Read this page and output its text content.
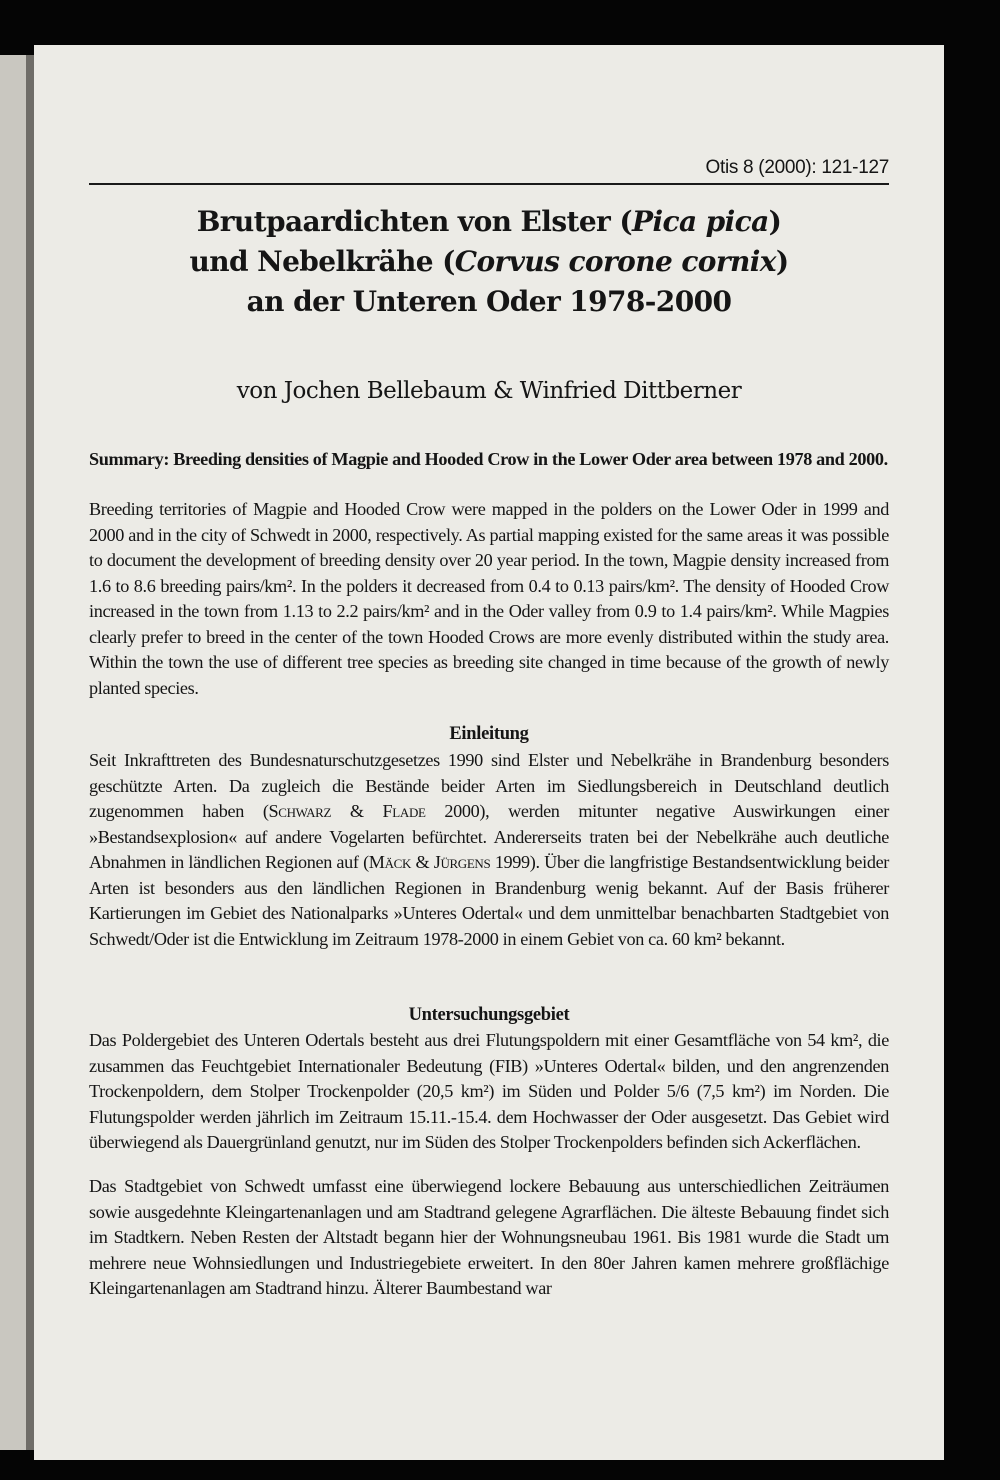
Otis 8 (2000): 121-127
Brutpaardichten von Elster (Pica pica)
und Nebelkrähe (Corvus corone cornix)
an der Unteren Oder 1978-2000
von Jochen Bellebaum & Winfried Dittberner
Summary: Breeding densities of Magpie and Hooded Crow in the Lower Oder area between 1978 and 2000.
Breeding territories of Magpie and Hooded Crow were mapped in the polders on the Lower Oder in 1999 and 2000 and in the city of Schwedt in 2000, respectively. As partial mapping existed for the same areas it was possible to document the development of breeding density over 20 year period. In the town, Magpie density increased from 1.6 to 8.6 breeding pairs/km². In the polders it decreased from 0.4 to 0.13 pairs/km². The density of Hooded Crow increased in the town from 1.13 to 2.2 pairs/km² and in the Oder valley from 0.9 to 1.4 pairs/km². While Magpies clearly prefer to breed in the center of the town Hooded Crows are more evenly distributed within the study area. Within the town the use of different tree species as breeding site changed in time because of the growth of newly planted species.
Einleitung
Seit Inkrafttreten des Bundesnaturschutzgesetzes 1990 sind Elster und Nebelkrähe in Brandenburg besonders geschützte Arten. Da zugleich die Bestände beider Arten im Siedlungsbereich in Deutschland deutlich zugenommen haben (Schwarz & Flade 2000), werden mitunter negative Auswirkungen einer »Bestandsexplosion« auf andere Vogelarten befürchtet. Andererseits traten bei der Nebelkrähe auch deutliche Abnahmen in ländlichen Regionen auf (Mäck & Jürgens 1999). Über die langfristige Bestandsentwicklung beider Arten ist besonders aus den ländlichen Regionen in Brandenburg wenig bekannt. Auf der Basis früherer Kartierungen im Gebiet des Nationalparks »Unteres Odertal« und dem unmittelbar benachbarten Stadtgebiet von Schwedt/Oder ist die Entwicklung im Zeitraum 1978-2000 in einem Gebiet von ca. 60 km² bekannt.
Untersuchungsgebiet
Das Poldergebiet des Unteren Odertals besteht aus drei Flutungspoldern mit einer Gesamtfläche von 54 km², die zusammen das Feuchtgebiet Internationaler Bedeutung (FIB) »Unteres Odertal« bilden, und den angrenzenden Trockenpoldern, dem Stolper Trockenpolder (20,5 km²) im Süden und Polder 5/6 (7,5 km²) im Norden. Die Flutungspolder werden jährlich im Zeitraum 15.11.-15.4. dem Hochwasser der Oder ausgesetzt. Das Gebiet wird überwiegend als Dauergrünland genutzt, nur im Süden des Stolper Trockenpolders befinden sich Ackerflächen.
Das Stadtgebiet von Schwedt umfasst eine überwiegend lockere Bebauung aus unterschiedlichen Zeiträumen sowie ausgedehnte Kleingartenanlagen und am Stadtrand gelegene Agrarflächen. Die älteste Bebauung findet sich im Stadtkern. Neben Resten der Altstadt begann hier der Wohnungsneubau 1961. Bis 1981 wurde die Stadt um mehrere neue Wohnsiedlungen und Industriegebiete erweitert. In den 80er Jahren kamen mehrere großflächige Kleingartenanlagen am Stadtrand hinzu. Älterer Baumbestand war
